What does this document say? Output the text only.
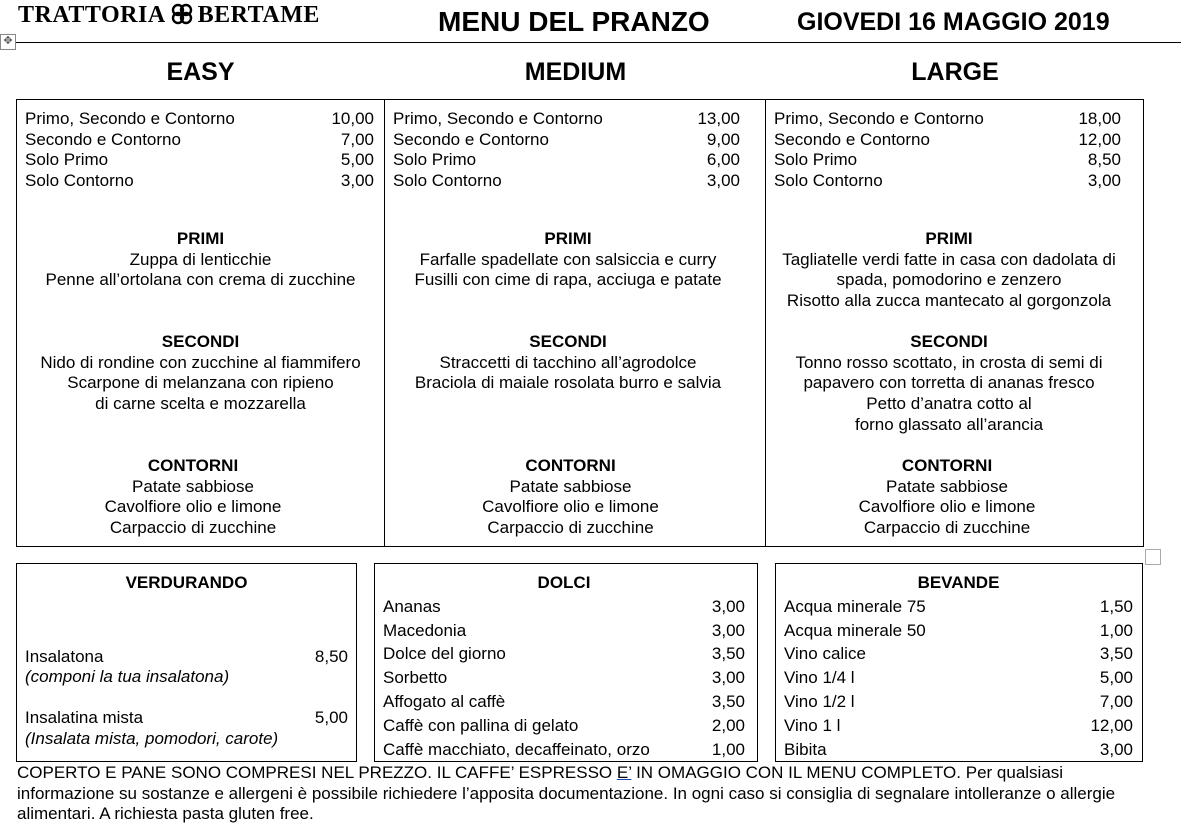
TRATTORIA BERTAME	MENU DEL PRANZO	GIOVEDI 16 MAGGIO 2019
✥
EASY	MEDIUM	LARGE
Primo, Secondo e Contorno	10,00
Secondo e Contorno	7,00
Solo Primo	5,00
Solo Contorno	3,00
PRIMI
Zuppa di lenticchie
Penne all’ortolana con crema di zucchine
SECONDI
Nido di rondine con zucchine al fiammifero
Scarpone di melanzana con ripieno
di carne scelta e mozzarella
CONTORNI
Patate sabbiose
Cavolfiore olio e limone
Carpaccio di zucchine
Primo, Secondo e Contorno	13,00
Secondo e Contorno	9,00
Solo Primo	6,00
Solo Contorno	3,00
PRIMI
Farfalle spadellate con salsiccia e curry
Fusilli con cime di rapa, acciuga e patate
SECONDI
Straccetti di tacchino all’agrodolce
Braciola di maiale rosolata burro e salvia
CONTORNI
Patate sabbiose
Cavolfiore olio e limone
Carpaccio di zucchine
Primo, Secondo e Contorno	18,00
Secondo e Contorno	12,00
Solo Primo	8,50
Solo Contorno	3,00
PRIMI
Tagliatelle verdi fatte in casa con dadolata di
spada, pomodorino e zenzero
Risotto alla zucca mantecato al gorgonzola
SECONDI
Tonno rosso scottato, in crosta di semi di
papavero con torretta di ananas fresco
Petto d’anatra cotto al
forno glassato all’arancia
CONTORNI
Patate sabbiose
Cavolfiore olio e limone
Carpaccio di zucchine
VERDURANDO
Insalatona	8,50
(componi la tua insalatona)
Insalatina mista	5,00
(Insalata mista, pomodori, carote)
DOLCI
Ananas	3,00
Macedonia	3,00
Dolce del giorno	3,50
Sorbetto	3,00
Affogato al caffè	3,50
Caffè con pallina di gelato	2,00
Caffè macchiato, decaffeinato, orzo	1,00
BEVANDE
Acqua minerale 75	1,50
Acqua minerale 50	1,00
Vino calice	3,50
Vino 1/4 l	5,00
Vino 1/2 l	7,00
Vino 1 l	12,00
Bibita	3,00
COPERTO E PANE SONO COMPRESI NEL PREZZO. IL CAFFE’ ESPRESSO E’ IN OMAGGIO CON IL MENU COMPLETO. Per qualsiasi informazione su sostanze e allergeni è possibile richiedere l’apposita documentazione. In ogni caso si consiglia di segnalare intolleranze o allergie alimentari. A richiesta pasta gluten free.
